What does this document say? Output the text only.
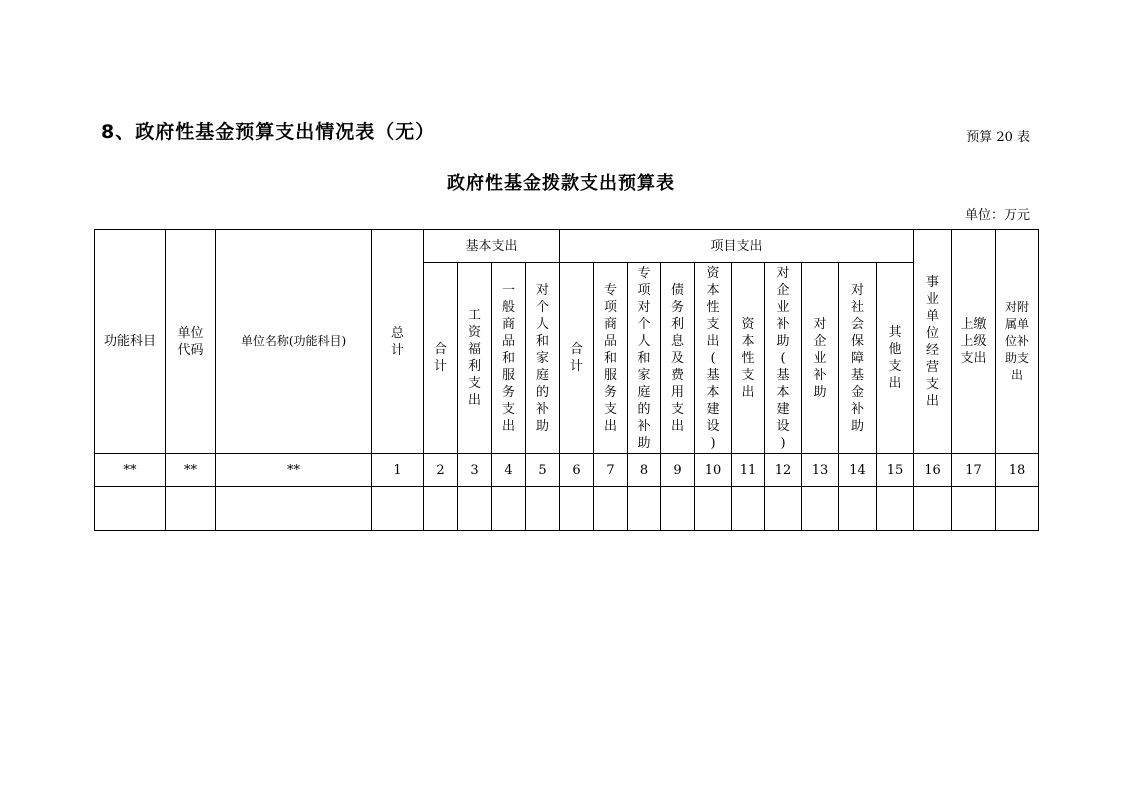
8、政府性基金预算支出情况表（无）	预算 20 表
政府性基金拨款支出预算表
单位：万元
功能科目	单位代码	单位名称(功能科目)	总计	基本支出				项目支出										事业单位经营支出	上缴上级支出	对附属单位补助支出
				合计	工资福利支出	一般商品和服务支出	对个人和家庭的补助	合计	专项商品和服务支出	专项对个人和家庭的补助	债务利息及费用支出	资本性支出(基本建设)	资本性支出	对企业补助(基本建设)	对企业补助	对社会保障基金补助	其他支出			
**	**	**	1	2	3	4	5	6	7	8	9	10	11	12	13	14	15	16	17	18
